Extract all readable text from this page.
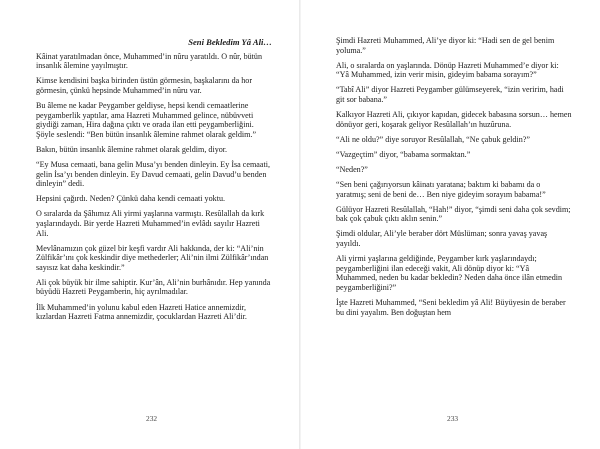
Seni Bekledim Yâ Ali…

Kâinat yaratılmadan önce, Muhammed’in nûru yaratıldı. O nûr, bütün insanlık âlemine yayılmıştır.

Kimse kendisini başka birinden üstün görmesin, başkalarını da hor görmesin, çünkü hepsinde Muhammed’in nûru var.

Bu âleme ne kadar Peygamber geldiyse, hepsi kendi cemaatlerine peygamberlik yaptılar, ama Hazreti Muhammed gelince, nübüvveti giydiği zaman, Hira dağına çıktı ve orada ilan etti peygamberliğini. Şöyle seslendi: “Ben bütün insanlık âlemine rahmet olarak geldim.”

Bakın, bütün insanlık âlemine rahmet olarak geldim, diyor.

“Ey Musa cemaati, bana gelin Musa’yı benden dinleyin. Ey İsa cemaati, gelin İsa’yı benden dinleyin. Ey Davud cemaati, gelin Davud’u benden dinleyin” dedi.

Hepsini çağırdı. Neden? Çünkü daha kendi cemaati yoktu.

O sıralarda da Şâhımız Ali yirmi yaşlarına varmıştı. Resûlallah da kırk yaşlarındaydı. Bir yerde Hazreti Muhammed’in evlâdı sayılır Hazreti Ali.

Mevlânamızın çok güzel bir keşfi vardır Ali hakkında, der ki: “Ali’nin Zülfikâr’ını çok keskindir diye methederler; Ali’nin ilmi Zülfikâr’ından sayısız kat daha keskindir.”

Ali çok büyük bir ilme sahiptir. Kur’ân, Ali’nin burhânıdır. Hep yanında büyüdü Hazreti Peygamberin, hiç ayrılmadılar.

İlk Muhammed’in yolunu kabul eden Hazreti Hatice annemizdir, kızlardan Hazreti Fatma annemizdir, çocuklardan Hazreti Ali’dir.

232

Şimdi Hazreti Muhammed, Ali’ye diyor ki: “Hadi sen de gel benim yoluma.”

Ali, o sıralarda on yaşlarında. Dönüp Hazreti Muhammed’e diyor ki: “Yâ Muhammed, izin verir misin, gideyim babama sorayım?”

“Tabî Ali” diyor Hazreti Peygamber gülümseyerek, “izin veririm, hadi git sor babana.”

Kalkıyor Hazreti Ali, çıkıyor kapıdan, gidecek babasına sorsun… hemen dönüyor geri, koşarak geliyor Resûlallah’ın huzûruna.

“Ali ne oldu?” diye soruyor Resûlallah, “Ne çabuk geldin?”

“Vazgeçtim” diyor, “babama sormaktan.”

“Neden?”

“Sen beni çağırıyorsun kâinatı yaratana; baktım ki babamı da o yaratmış; seni de beni de… Ben niye gideyim sorayım babama!”

Gülüyor Hazreti Resûlallah, “Hah!” diyor, “şimdi seni daha çok sevdim; bak çok çabuk çıktı aklın senin.”

Şimdi oldular, Ali’yle beraber dört Müslüman; sonra yavaş yavaş yayıldı.

Ali yirmi yaşlarına geldiğinde, Peygamber kırk yaşlarındaydı; peygamberliğini ilan edeceği vakit, Ali dönüp diyor ki: “Yâ Muhammed, neden bu kadar bekledin? Neden daha önce ilân etmedin peygamberliğini?”

İşte Hazreti Muhammed, “Seni bekledim yâ Ali! Büyüyesin de beraber bu dini yayalım. Ben doğuştan hem

233
